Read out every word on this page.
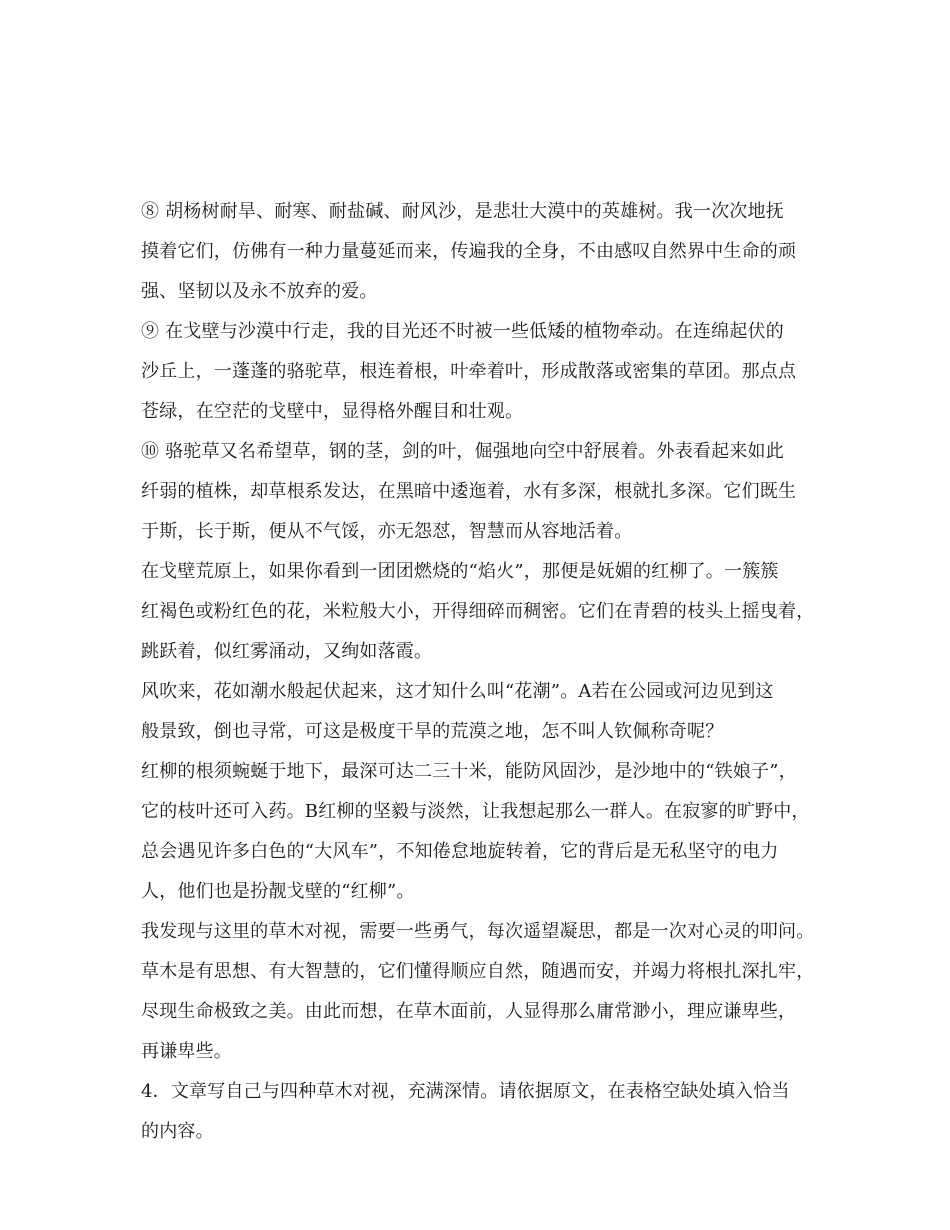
⑧ 胡杨树耐旱、耐寒、耐盐碱、耐风沙，是悲壮大漠中的英雄树。我一次次地抚
摸着它们，仿佛有一种力量蔓延而来，传遍我的全身，不由感叹自然界中生命的顽
强、坚韧以及永不放弃的爱。
⑨ 在戈壁与沙漠中行走，我的目光还不时被一些低矮的植物牵动。在连绵起伏的
沙丘上，一蓬蓬的骆驼草，根连着根，叶牵着叶，形成散落或密集的草团。那点点
苍绿，在空茫的戈壁中，显得格外醒目和壮观。
⑩ 骆驼草又名希望草，钢的茎，剑的叶，倔强地向空中舒展着。外表看起来如此
纤弱的植株，却草根系发达，在黑暗中逶迤着，水有多深，根就扎多深。它们既生
于斯，长于斯，便从不气馁，亦无怨怼，智慧而从容地活着。
在戈壁荒原上，如果你看到一团团燃烧的“焰火”，那便是妩媚的红柳了。一簇簇
红褐色或粉红色的花，米粒般大小，开得细碎而稠密。它们在青碧的枝头上摇曳着，
跳跃着，似红雾涌动，又绚如落霞。
风吹来，花如潮水般起伏起来，这才知什么叫“花潮”。A若在公园或河边见到这
般景致，倒也寻常，可这是极度干旱的荒漠之地，怎不叫人钦佩称奇呢？
红柳的根须蜿蜒于地下，最深可达二三十米，能防风固沙，是沙地中的“铁娘子”，
它的枝叶还可入药。B红柳的坚毅与淡然，让我想起那么一群人。在寂寥的旷野中，
总会遇见许多白色的“大风车”，不知倦怠地旋转着，它的背后是无私坚守的电力
人，他们也是扮靓戈壁的“红柳”。
我发现与这里的草木对视，需要一些勇气，每次遥望凝思，都是一次对心灵的叩问。
草木是有思想、有大智慧的，它们懂得顺应自然，随遇而安，并竭力将根扎深扎牢，
尽现生命极致之美。由此而想，在草木面前，人显得那么庸常渺小，理应谦卑些，
再谦卑些。
4．文章写自己与四种草木对视，充满深情。请依据原文，在表格空缺处填入恰当
的内容。
